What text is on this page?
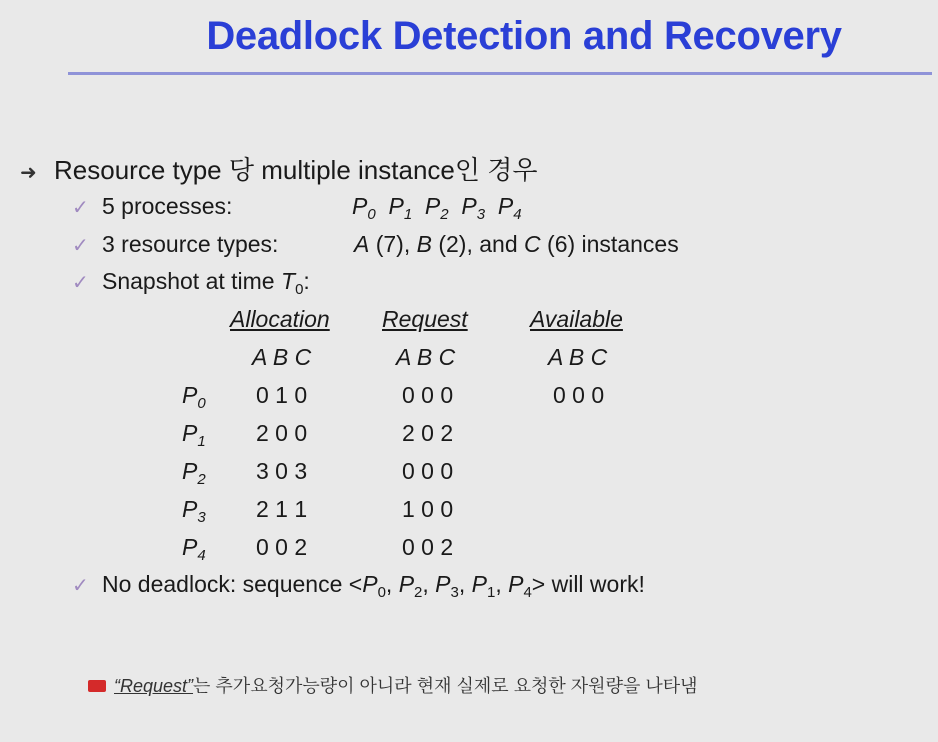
Deadlock Detection and Recovery
➜ Resource type 당 multiple instance인 경우
✓ 5 processes:	$P_0$  $P_1$  $P_2$  $P_3$  $P_4$
✓ 3 resource types:	A (7), B (2), and C (6) instances
✓ Snapshot at time $T_0$:
Allocation Request	Available
A B C	A B C	A B C
$P_0$ 0 1 0	0 0 0	0 0 0
$P_1$ 2 0 0	2 0 2
$P_2$ 3 0 3	0 0 0
$P_3$ 2 1 1	1 0 0
$P_4$ 0 0 2	0 0 2
✓ No deadlock: sequence $<P_0$, $P_2$, $P_3$, $P_1$, $P_4>$ will work!
“Request”는 추가요청가능량이 아니라 현재 실제로 요청한 자원량을 나타냄
